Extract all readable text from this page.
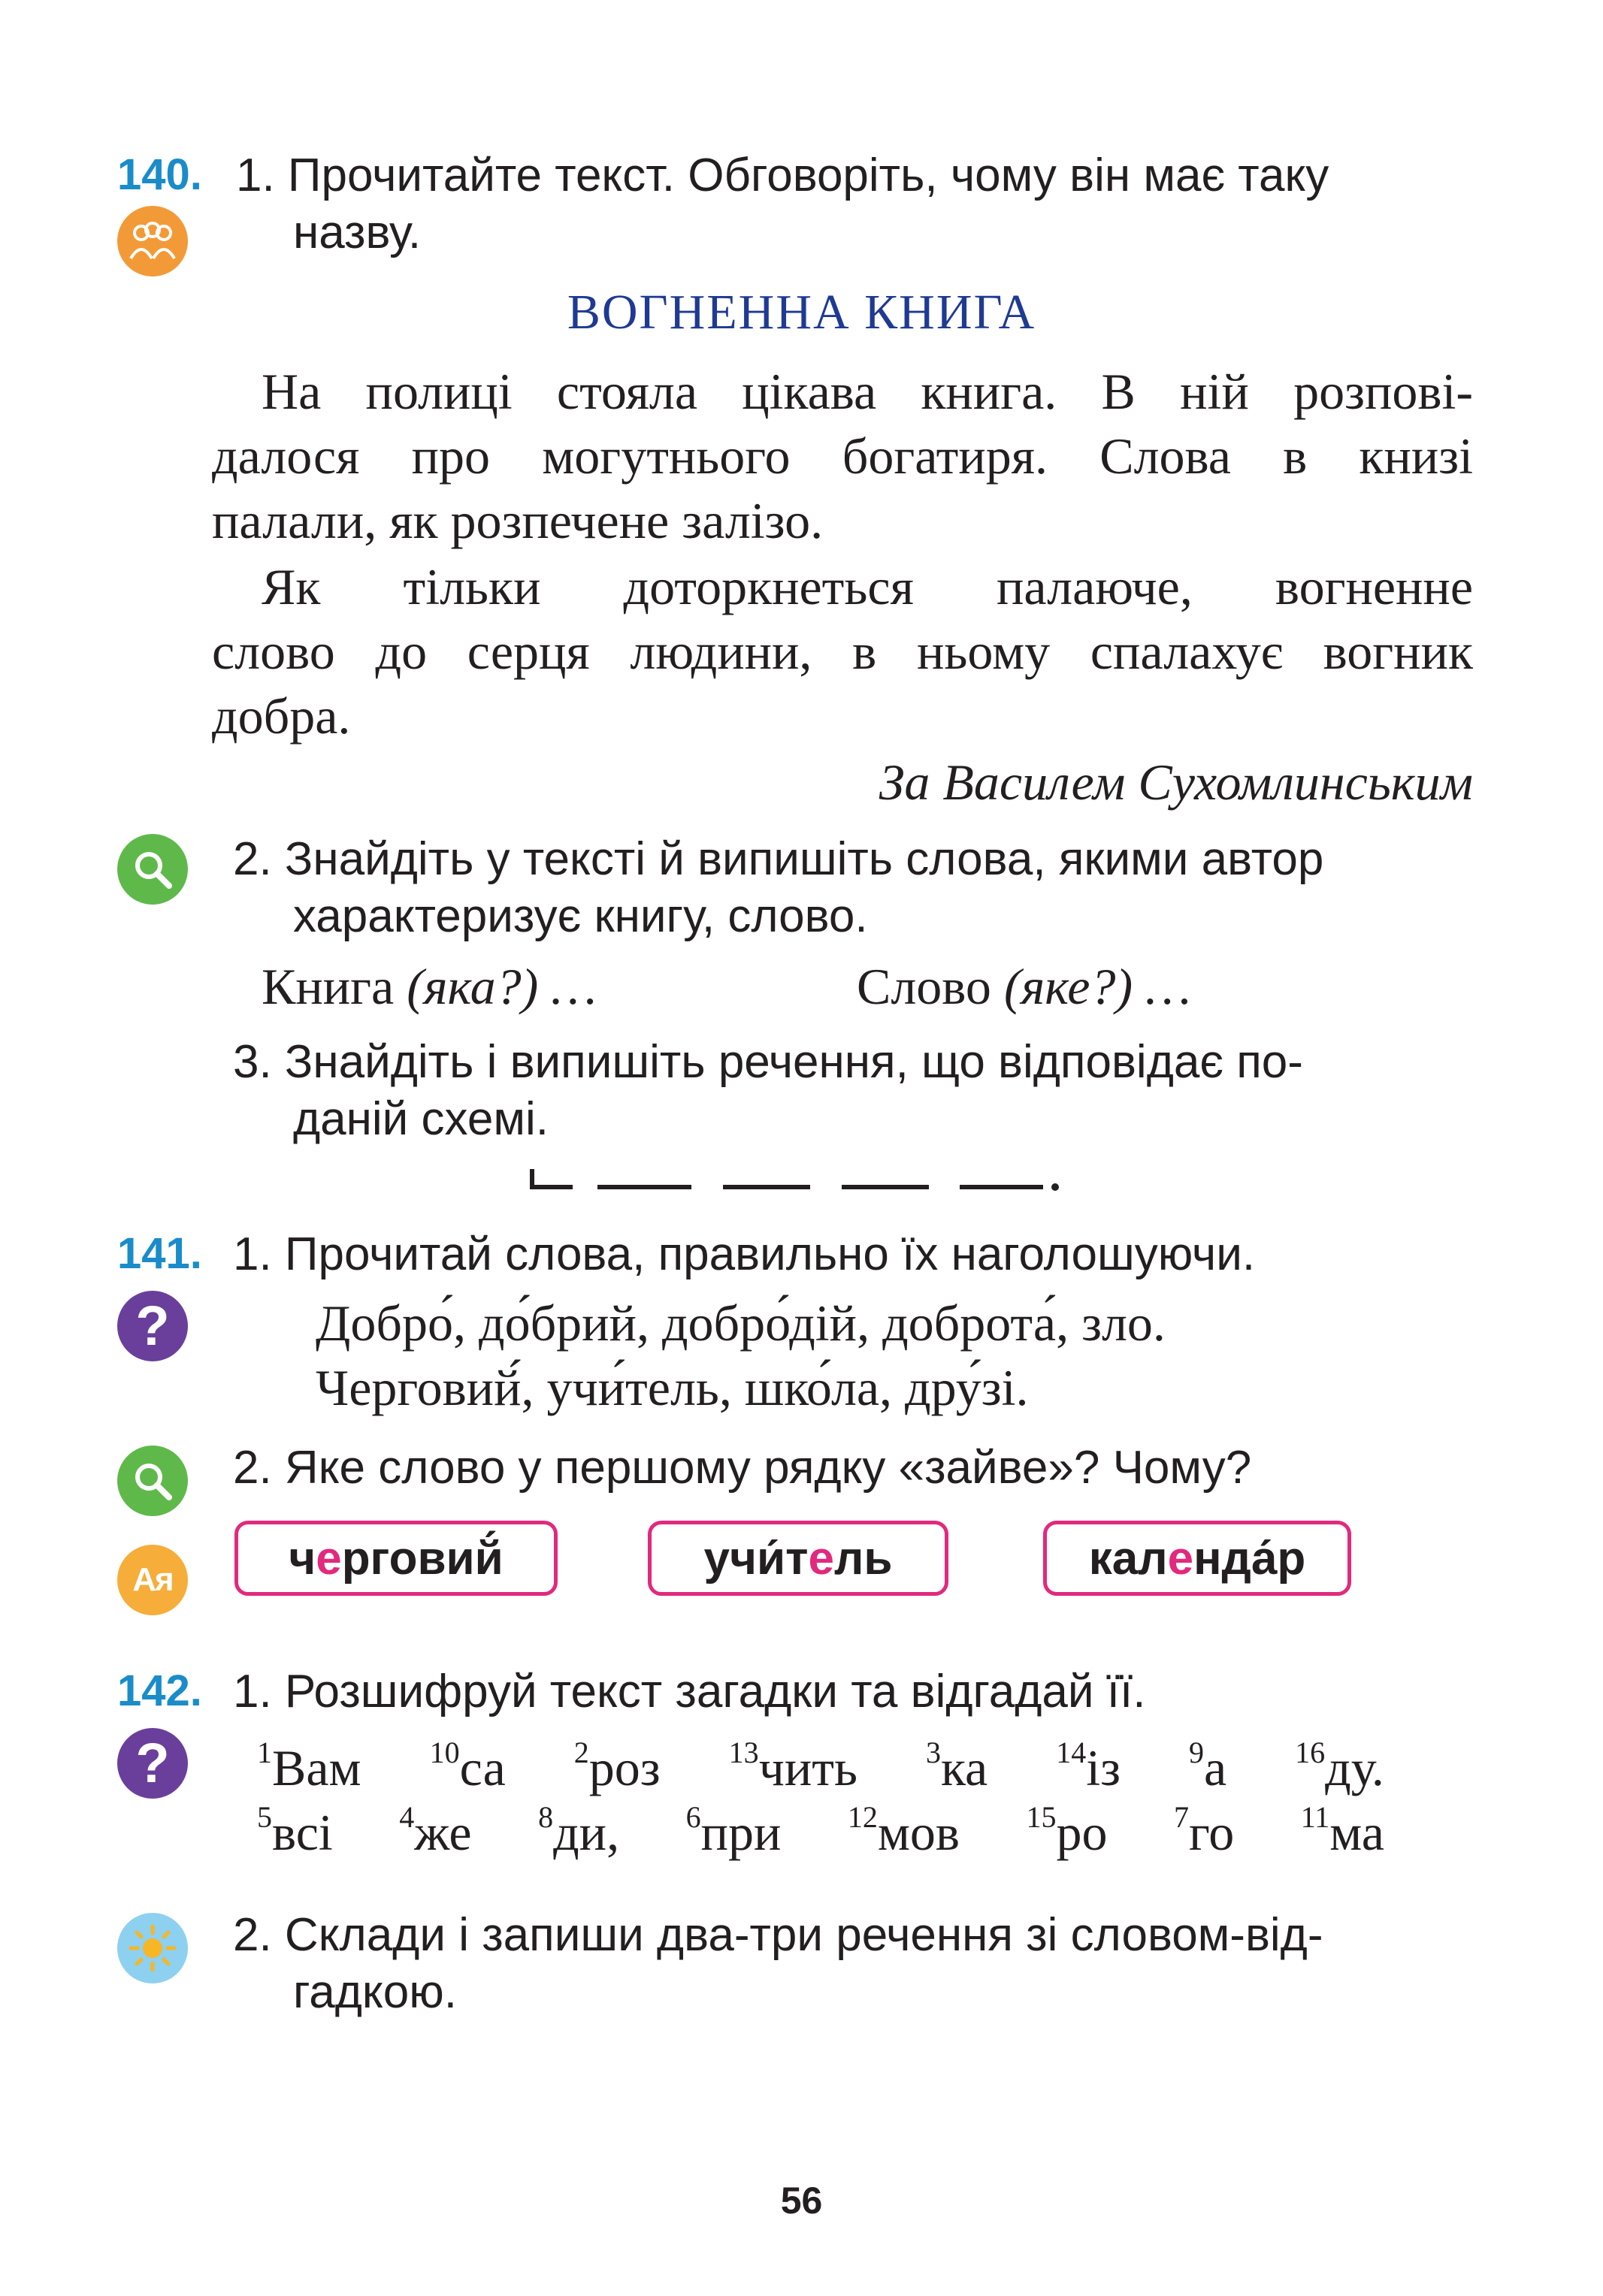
140. 1. Прочитайте текст. Обговоріть, чому він має таку
назву.
ВОГНЕННА КНИГА
На полиці стояла цікава книга. В ній розпові-
далося про могутнього богатиря. Слова в книзі
палали, як розпечене залізо.
Як тільки доторкнеться палаюче, вогненне
слово до серця людини, в ньому спалахує вогник
добра.
За Василем Сухомлинським
2. Знайдіть у тексті й випишіть слова, якими автор
характеризує книгу, слово.
Книга (яка?) …	Слово (яке?) …
3. Знайдіть і випишіть речення, що відповідає по-
даній схемі.
141. 1. Прочитай слова, правильно їх наголошуючи.
?	Добро́, до́брий, добро́дій, доброта́, зло.
Черговий́, учи́тель, шко́ла, дру́зі.
2. Яке слово у першому рядку «зайве»? Чому?
Ая ч е рговий́	учи́т е ль	кал е нда́р
142. 1. Розшифруй текст загадки та відгадай її.
?	$^1$Вам $^{10}$са $^2$роз $^{13}$чить $^3$ка $^{14}$із $^9$а $^{16}$ду.
$^5$всі $^4$же $^8$ди, $^6$при $^{12}$мов $^{15}$ро $^7$го $^{11}$ма
2. Склади і запиши два-три речення зі словом-від-
гадкою.
56
